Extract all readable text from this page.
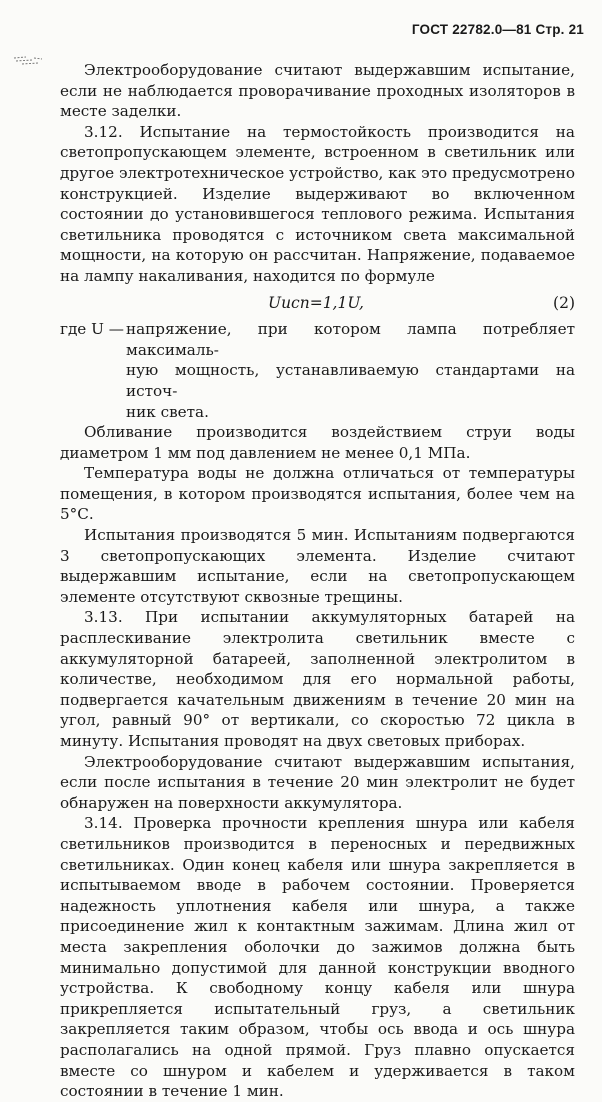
ГОСТ 22782.0—81 Стр. 21

Электрооборудование считают выдержавшим испытание, если не наблюдается проворачивание проходных изоляторов в месте заделки.

3.12. Испытание на термостойкость производится на светопропускающем элементе, встроенном в светильник или другое электротехническое устройство, как это предусмотрено конструкцией. Изделие выдерживают во включенном состоянии до установившегося теплового режима. Испытания светильника проводятся с источником света максимальной мощности, на которую он рассчитан. Напряжение, подаваемое на лампу накаливания, находится по формуле

Uисп=1,1U,	(2)
где U — напряжение, при котором лампа потребляет максималь-
ную мощность, устанавливаемую стандартами на источ-
ник света.

Обливание производится воздействием струи воды диаметром 1 мм под давлением не менее 0,1 МПа.

Температура воды не должна отличаться от температуры помещения, в котором производятся испытания, более чем на 5°С.

Испытания производятся 5 мин. Испытаниям подвергаются 3 светопропускающих элемента. Изделие считают выдержавшим испытание, если на светопропускающем элементе отсутствуют сквозные трещины.

3.13. При испытании аккумуляторных батарей на расплескивание электролита светильник вместе с аккумуляторной батареей, заполненной электролитом в количестве, необходимом для его нормальной работы, подвергается качательным движениям в течение 20 мин на угол, равный 90° от вертикали, со скоростью 72 цикла в минуту. Испытания проводят на двух световых приборах.

Электрооборудование считают выдержавшим испытания, если после испытания в течение 20 мин электролит не будет обнаружен на поверхности аккумулятора.

3.14. Проверка прочности крепления шнура или кабеля светильников производится в переносных и передвижных светильниках. Один конец кабеля или шнура закрепляется в испытываемом вводе в рабочем состоянии. Проверяется надежность уплотнения кабеля или шнура, а также присоединение жил к контактным зажимам. Длина жил от места закрепления оболочки до зажимов должна быть минимально допустимой для данной конструкции вводного устройства. К свободному концу кабеля или шнура прикрепляется испытательный груз, а светильник закрепляется таким образом, чтобы ось ввода и ось шнура располагались на одной прямой. Груз плавно опускается вместе со шнуром и кабелем и удерживается в таком состоянии в течение 1 мин.
